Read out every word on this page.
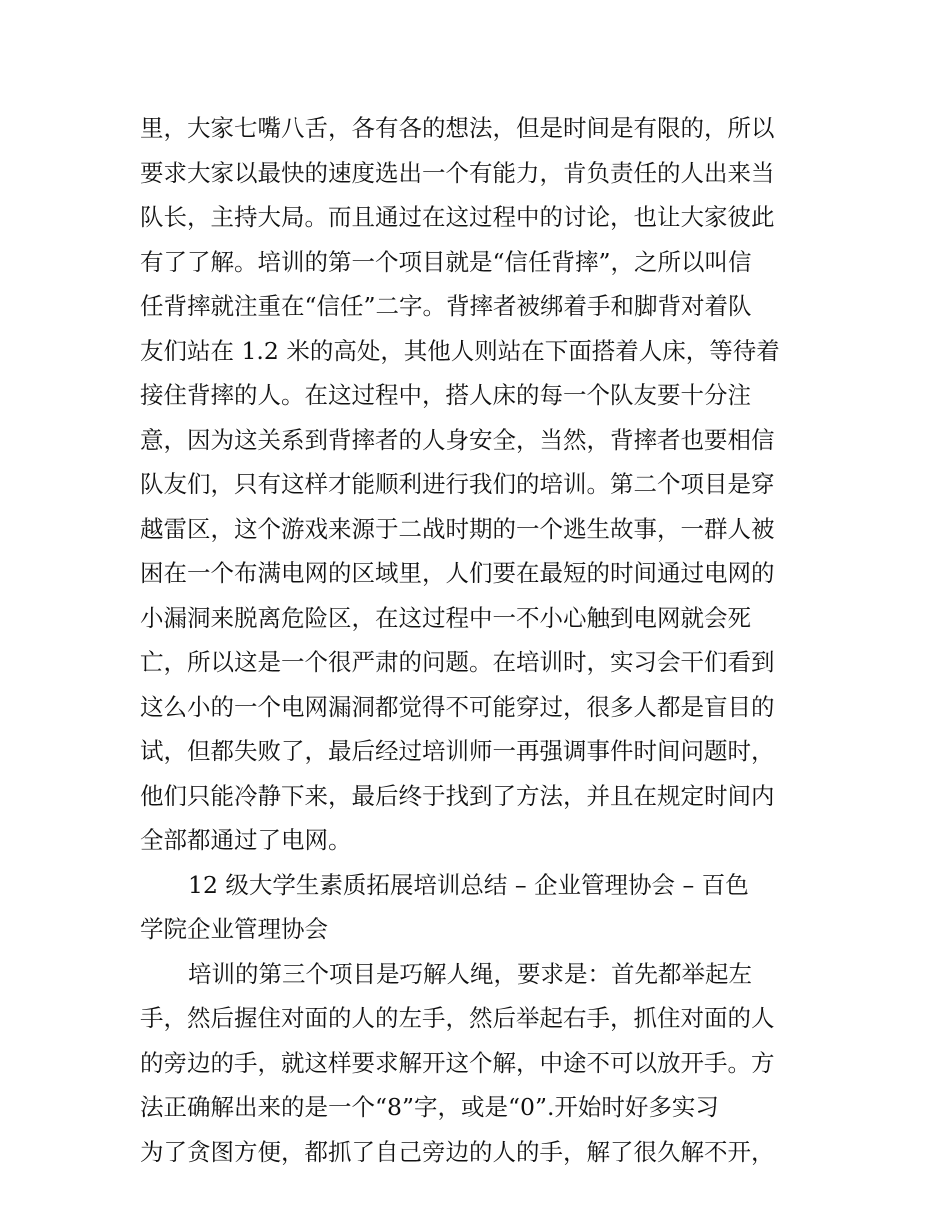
里，大家七嘴八舌，各有各的想法，但是时间是有限的，所以
要求大家以最快的速度选出一个有能力，肯负责任的人出来当
队长，主持大局。而且通过在这过程中的讨论，也让大家彼此
有了了解。培训的第一个项目就是“信任背摔”，之所以叫信
任背摔就注重在“信任”二字。背摔者被绑着手和脚背对着队
友们站在 1.2 米的高处，其他人则站在下面搭着人床，等待着
接住背摔的人。在这过程中，搭人床的每一个队友要十分注
意，因为这关系到背摔者的人身安全，当然，背摔者也要相信
队友们，只有这样才能顺利进行我们的培训。第二个项目是穿
越雷区，这个游戏来源于二战时期的一个逃生故事，一群人被
困在一个布满电网的区域里，人们要在最短的时间通过电网的
小漏洞来脱离危险区，在这过程中一不小心触到电网就会死
亡，所以这是一个很严肃的问题。在培训时，实习会干们看到
这么小的一个电网漏洞都觉得不可能穿过，很多人都是盲目的
试，但都失败了，最后经过培训师一再强调事件时间问题时，
他们只能冷静下来，最后终于找到了方法，并且在规定时间内
全部都通过了电网。
12 级大学生素质拓展培训总结 – 企业管理协会 – 百色
学院企业管理协会
培训的第三个项目是巧解人绳，要求是：首先都举起左
手，然后握住对面的人的左手，然后举起右手，抓住对面的人
的旁边的手，就这样要求解开这个解，中途不可以放开手。方
法正确解出来的是一个“8”字，或是“0”.开始时好多实习
为了贪图方便，都抓了自己旁边的人的手，解了很久解不开，
